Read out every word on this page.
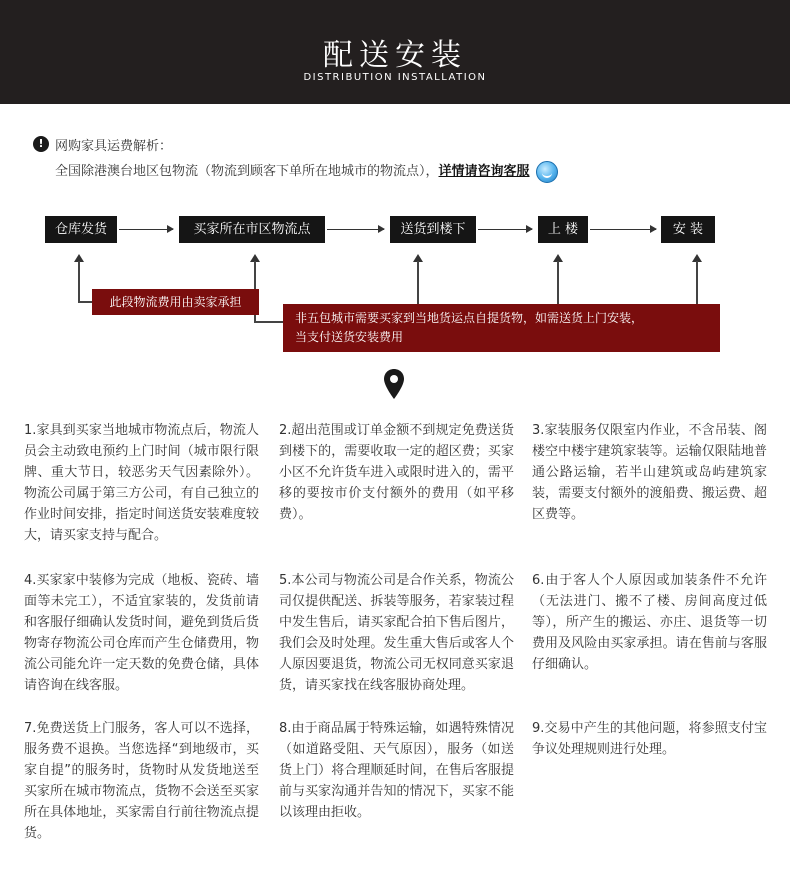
配送安装
DISTRIBUTION INSTALLATION
! 网购家具运费解析：
全国除港澳台地区包物流（物流到顾客下单所在地城市的物流点），详情请咨询客服
仓库发货	买家所在市区物流点	送货到楼下	上 楼	安 装
此段物流费用由卖家承担
非五包城市需要买家到当地货运点自提货物，如需送货上门安装，
当支付送货安装费用

1.家具到买家当地城市物流点后，物流人员会主动致电预约上门时间（城市限行限牌、重大节日，较恶劣天气因素除外）。物流公司属于第三方公司，有自己独立的作业时间安排，指定时间送货安装难度较大，请买家支持与配合。

2.超出范围或订单金额不到规定免费送货到楼下的，需要收取一定的超区费；买家小区不允许货车进入或限时进入的，需平移的要按市价支付额外的费用（如平移费）。

3.家装服务仅限室内作业，不含吊装、阁楼空中楼宇建筑家装等。运输仅限陆地普通公路运输，若半山建筑或岛屿建筑家装，需要支付额外的渡船费、搬运费、超区费等。

4.买家家中装修为完成（地板、瓷砖、墙面等未完工），不适宜家装的，发货前请和客服仔细确认发货时间，避免到货后货物寄存物流公司仓库而产生仓储费用，物流公司能允许一定天数的免费仓储，具体请咨询在线客服。

5.本公司与物流公司是合作关系，物流公司仅提供配送、拆装等服务，若家装过程中发生售后，请买家配合拍下售后图片，我们会及时处理。发生重大售后或客人个人原因要退货，物流公司无权同意买家退货，请买家找在线客服协商处理。

6.由于客人个人原因或加装条件不允许（无法进门、搬不了楼、房间高度过低等），所产生的搬运、亦庄、退货等一切费用及风险由买家承担。请在售前与客服仔细确认。

7.免费送货上门服务，客人可以不选择，服务费不退换。当您选择“到地级市，买家自提”的服务时，货物时从发货地送至买家所在城市物流点，货物不会送至买家所在具体地址，买家需自行前往物流点提货。

8.由于商品属于特殊运输，如遇特殊情况（如道路受阻、天气原因），服务（如送货上门）将合理顺延时间，在售后客服提前与买家沟通并告知的情况下，买家不能以该理由拒收。

9.交易中产生的其他问题，将参照支付宝争议处理规则进行处理。
